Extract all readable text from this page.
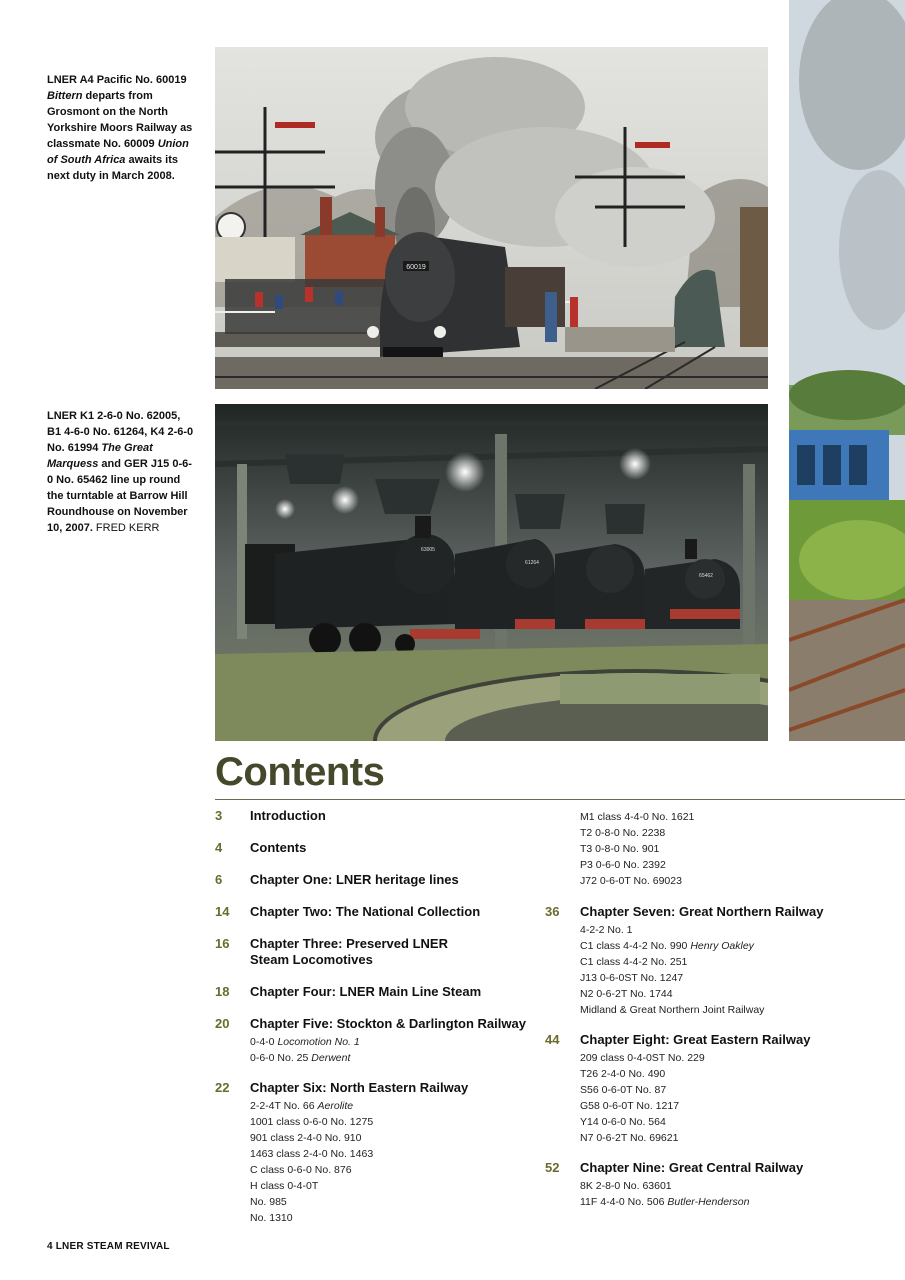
LNER A4 Pacific No. 60019
Bittern departs from Grosmont on the North Yorkshire Moors Railway as classmate No. 60009 Union of South Africa awaits its next duty in March 2008.
LNER K1 2-6-0 No. 62005, B1 4-6-0 No. 61264, K4 2-6-0 No. 61994 The Great Marquess and GER J15 0-6-0 No. 65462 line up round the turntable at Barrow Hill Roundhouse on November 10, 2007. FRED KERR
60019
63005
61264
65462
Contents
3 Introduction
4 Contents
6 Chapter One: LNER heritage lines
14 Chapter Two: The National Collection
16 Chapter Three: Preserved LNER
Steam Locomotives
18 Chapter Four: LNER Main Line Steam
20 Chapter Five: Stockton & Darlington Railway
0-4-0 Locomotion No. 1
0-6-0 No. 25 Derwent
22 Chapter Six: North Eastern Railway
2-2-4T No. 66 Aerolite
1001 class 0-6-0 No. 1275
901 class 2-4-0 No. 910
1463 class 2-4-0 No. 1463
C class 0-6-0 No. 876
H class 0-4-0T
No. 985
No. 1310
M1 class 4-4-0 No. 1621
T2 0-8-0 No. 2238
T3 0-8-0 No. 901
P3 0-6-0 No. 2392
J72 0-6-0T No. 69023
36 Chapter Seven: Great Northern Railway
4-2-2 No. 1
C1 class 4-4-2 No. 990 Henry Oakley
C1 class 4-4-2 No. 251
J13 0-6-0ST No. 1247
N2 0-6-2T No. 1744
Midland & Great Northern Joint Railway
44 Chapter Eight: Great Eastern Railway
209 class 0-4-0ST No. 229
T26 2-4-0 No. 490
S56 0-6-0T No. 87
G58 0-6-0T No. 1217
Y14 0-6-0 No. 564
N7 0-6-2T No. 69621
52 Chapter Nine: Great Central Railway
8K 2-8-0 No. 63601
11F 4-4-0 No. 506 Butler-Henderson
4 LNER STEAM REVIVAL
